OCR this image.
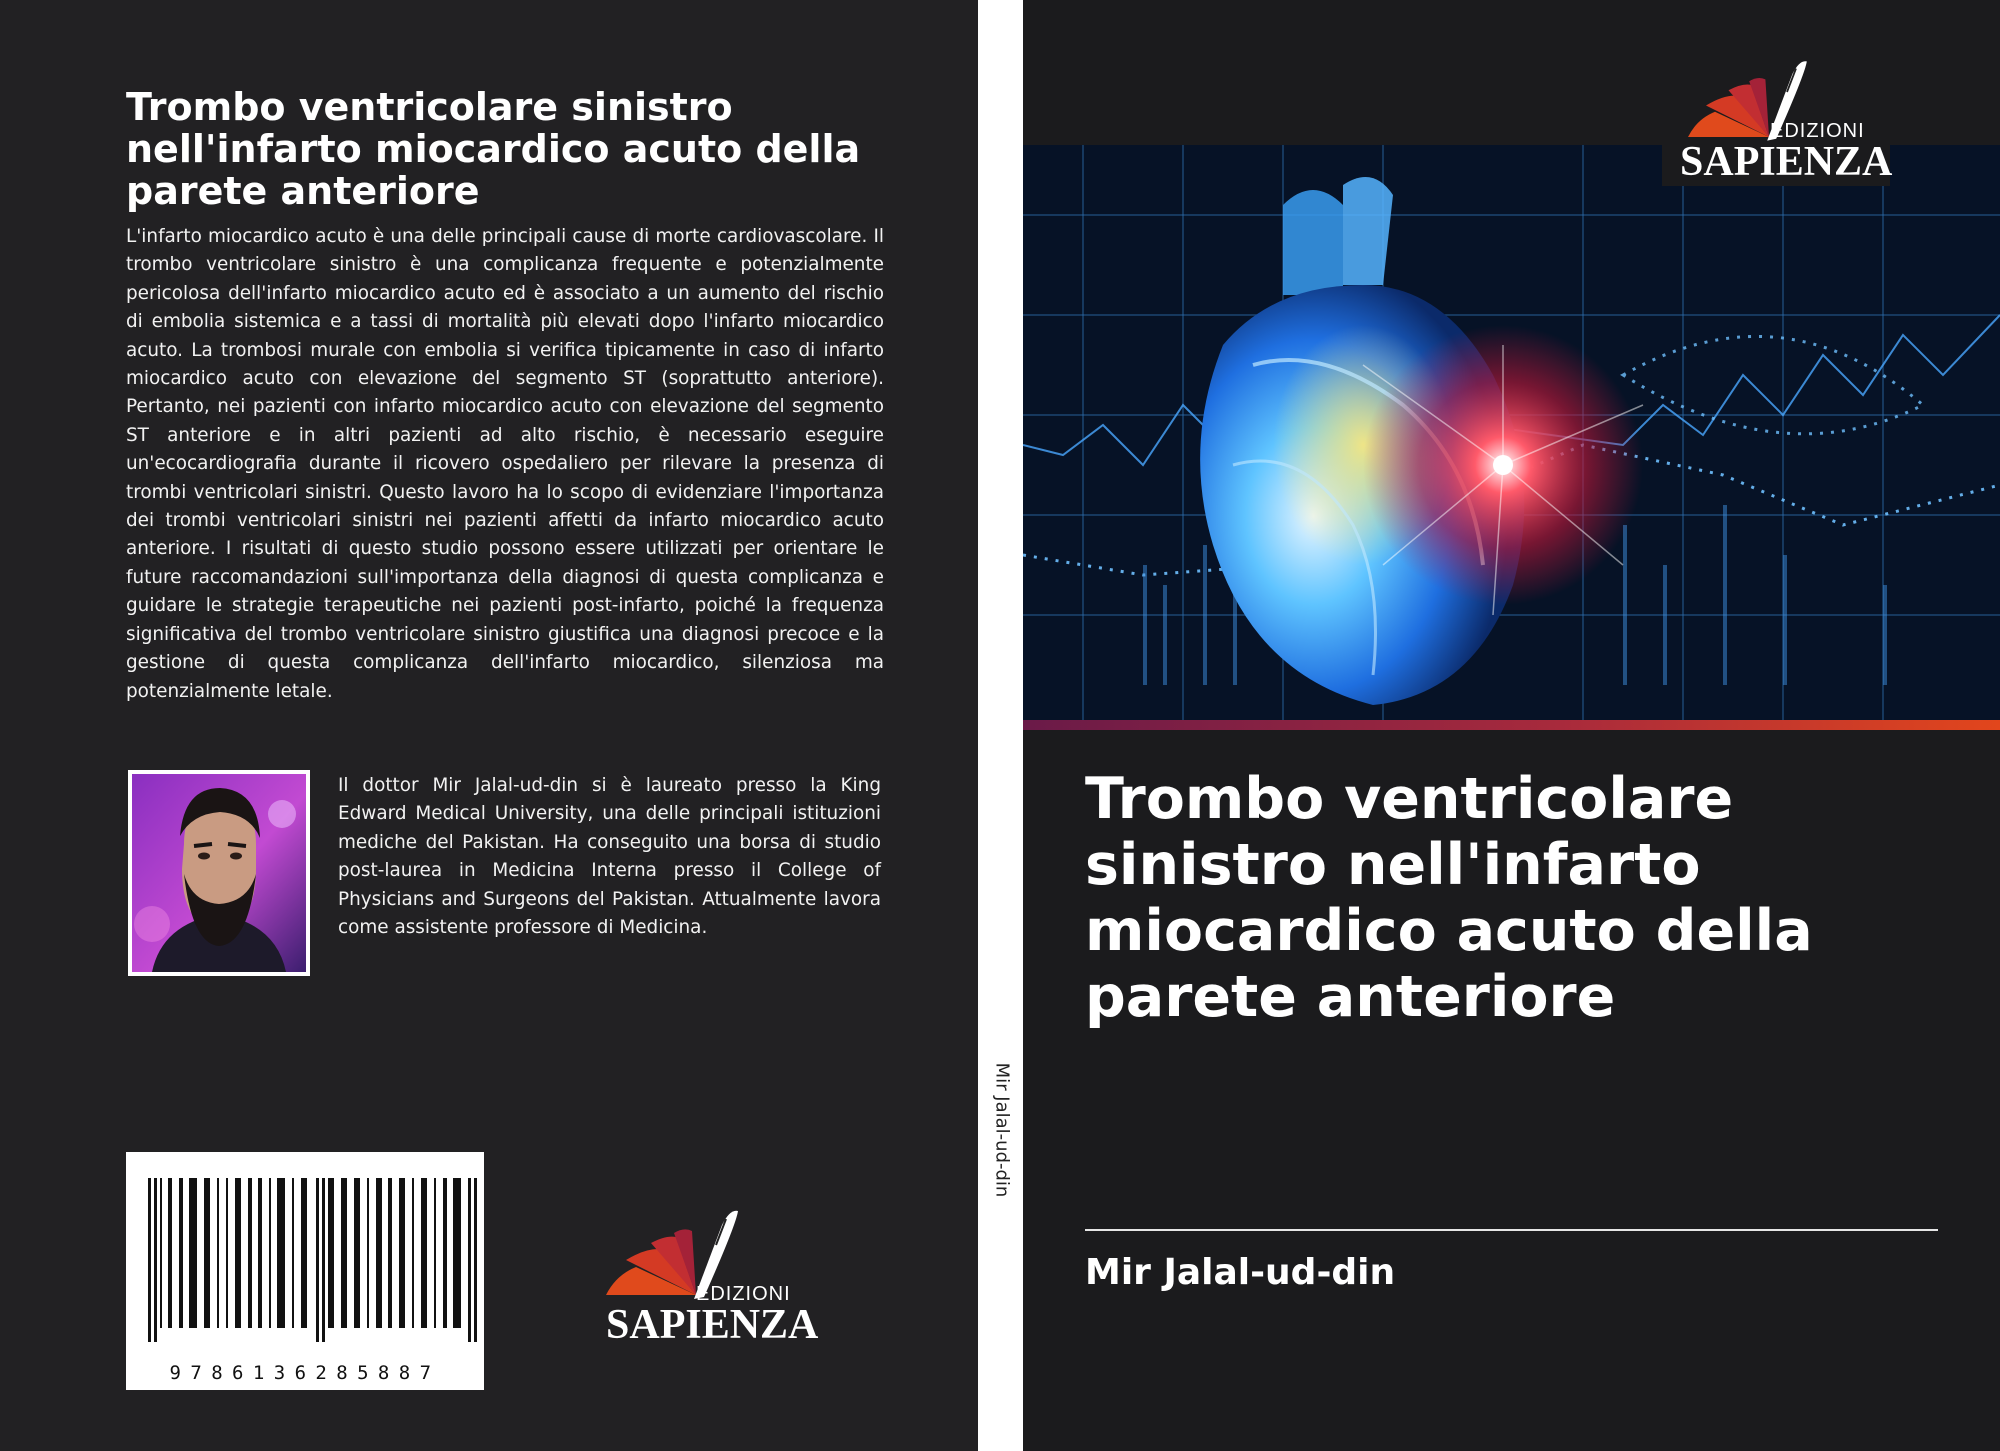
Trombo ventricolare sinistro nell'infarto miocardico acuto della parete anteriore

L'infarto miocardico acuto è una delle principali cause di morte cardiovascolare. Il trombo ventricolare sinistro è una complicanza frequente e potenzialmente pericolosa dell'infarto miocardico acuto ed è associato a un aumento del rischio di embolia sistemica e a tassi di mortalità più elevati dopo l'infarto miocardico acuto. La trombosi murale con embolia si verifica tipicamente in caso di infarto miocardico acuto con elevazione del segmento ST (soprattutto anteriore). Pertanto, nei pazienti con infarto miocardico acuto con elevazione del segmento ST anteriore e in altri pazienti ad alto rischio, è necessario eseguire un'ecocardiografia durante il ricovero ospedaliero per rilevare la presenza di trombi ventricolari sinistri. Questo lavoro ha lo scopo di evidenziare l'importanza dei trombi ventricolari sinistri nei pazienti affetti da infarto miocardico acuto anteriore. I risultati di questo studio possono essere utilizzati per orientare le future raccomandazioni sull'importanza della diagnosi di questa complicanza e guidare le strategie terapeutiche nei pazienti post-infarto, poiché la frequenza significativa del trombo ventricolare sinistro giustifica una diagnosi precoce e la gestione di questa complicanza dell'infarto miocardico, silenziosa ma potenzialmente letale.

Il dottor Mir Jalal-ud-din si è laureato presso la King Edward Medical University, una delle principali istituzioni mediche del Pakistan. Ha conseguito una borsa di studio post-laurea in Medicina Interna presso il College of Physicians and Surgeons del Pakistan. Attualmente lavora come assistente professore di Medicina.

9786136285887
EDIZIONI
SAPIENZA
Mir Jalal-ud-din
EDIZIONI
SAPIENZA
Trombo ventricolare sinistro nell'infarto miocardico acuto della parete anteriore
Mir Jalal-ud-din
